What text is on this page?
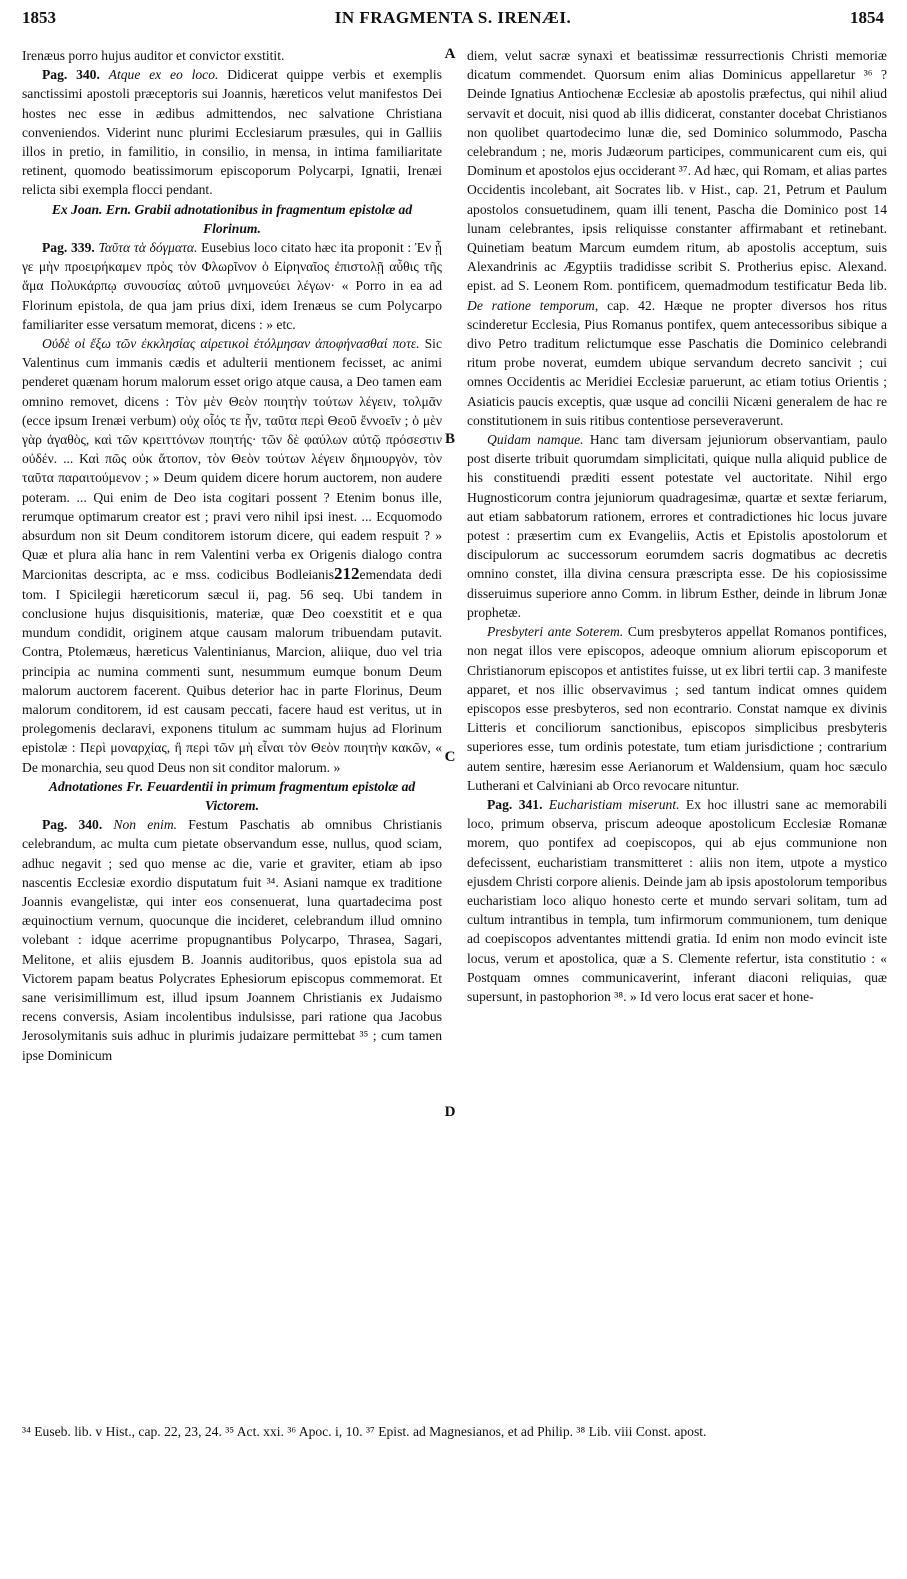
1853	IN FRAGMENTA S. IRENÆI.	1854
A
B
C
D

Irenæus porro hujus auditor et convictor exstitit.

Pag. 340. Atque ex eo loco. Didicerat quippe verbis et exemplis sanctissimi apostoli præceptoris sui Joannis, hæreticos velut manifestos Dei hostes nec esse in ædibus admittendos, nec salvatione Christiana conveniendos. Viderint nunc plurimi Ecclesiarum præsules, qui in Galliis illos in pretio, in familitio, in consilio, in mensa, in intima familiaritate retinent, quomodo beatissimorum episcoporum Polycarpi, Ignatii, Irenæi relicta sibi exempla flocci pendant.

Ex Joan. Ern. Grabii adnotationibus in fragmentum epistolæ ad Florinum.

Pag. 339. Ταῦτα τὰ δόγματα. Eusebius loco citato hæc ita proponit : Ἐν ᾗ γε μὴν προειρήκαμεν πρὸς τὸν Φλωρῖνον ὁ Εἰρηναῖος ἐπιστολῇ αὖθις τῆς ἅμα Πολυκάρπῳ συνουσίας αὐτοῦ μνημονεύει λέγων· « Porro in ea ad Florinum epistola, de qua jam prius dixi, idem Irenæus se cum Polycarpo familiariter esse versatum memorat, dicens : » etc.

Οὐδὲ οἱ ἔξω τῶν ἐκκλησίας αἱρετικοὶ ἐτόλμησαν ἀποφήνασθαί ποτε. Sic Valentinus cum immanis cædis et adulterii mentionem fecisset, ac animi penderet quænam horum malorum esset origo atque causa, a Deo tamen eam omnino removet, dicens : Τὸν μὲν Θεὸν ποιητὴν τούτων λέγειν, τολμᾶν (ecce ipsum Irenæi verbum) οὐχ οἷός τε ἦν, ταῦτα περὶ Θεοῦ ἔννοεῖν ; ὁ μὲν γὰρ ἀγαθὸς, καὶ τῶν κρειττόνων ποιητής· τῶν δὲ φαύλων αὐτῷ πρόσεστιν οὐδέν. ... Καὶ πῶς οὐκ ἄτοπον, τὸν Θεὸν τούτων λέγειν δημιουργὸν, τὸν ταῦτα παραιτούμενον ; » Deum quidem dicere horum auctorem, non audere poteram. ... Qui enim de Deo ista cogitari possent ? Etenim bonus ille, rerumque optimarum creator est ; pravi vero nihil ipsi inest. ... Ecquomodo absurdum non sit Deum conditorem istorum dicere, qui eadem respuit ? » Quæ et plura alia hanc in rem Valentini verba ex Origenis dialogo contra Marcionitas descripta, ac e mss. codicibus Bodleianis212emendata dedi tom. I Spicilegii hæreticorum sæcul ii, pag. 56 seq. Ubi tandem in conclusione hujus disquisitionis, materiæ, quæ Deo coexstitit et e qua mundum condidit, originem atque causam malorum tribuendam putavit. Contra, Ptolemæus, hæreticus Valentinianus, Marcion, aliique, duo vel tria principia ac numina commenti sunt, nesummum eumque bonum Deum malorum auctorem facerent. Quibus deterior hac in parte Florinus, Deum malorum conditorem, id est causam peccati, facere haud est veritus, ut in prolegomenis declaravi, exponens titulum ac summam hujus ad Florinum epistolæ : Περὶ μοναρχίας, ἢ περὶ τῶν μὴ εἶναι τὸν Θεὸν ποιητὴν κακῶν, « De monarchia, seu quod Deus non sit conditor malorum. »

Adnotationes Fr. Feuardentii in primum fragmentum epistolæ ad Victorem.

Pag. 340. Non enim. Festum Paschatis ab omnibus Christianis celebrandum, ac multa cum pietate observandum esse, nullus, quod sciam, adhuc negavit ; sed quo mense ac die, varie et graviter, etiam ab ipso nascentis Ecclesiæ exordio disputatum fuit ³⁴. Asiani namque ex traditione Joannis evangelistæ, qui inter eos consenuerat, luna quartadecima post æquinoctium vernum, quocunque die incideret, celebrandum illud omnino volebant : idque acerrime propugnantibus Polycarpo, Thrasea, Sagari, Melitone, et aliis ejusdem B. Joannis auditoribus, quos epistola sua ad Victorem papam beatus Polycrates Ephesiorum episcopus commemorat. Et sane verisimillimum est, illud ipsum Joannem Christianis ex Judaismo recens conversis, Asiam incolentibus indulsisse, pari ratione qua Jacobus Jerosolymitanis suis adhuc in plurimis judaizare permittebat ³⁵ ; cum tamen ipse Dominicum

diem, velut sacræ synaxi et beatissimæ ressurrectionis Christi memoriæ dicatum commendet. Quorsum enim alias Dominicus appellaretur ³⁶ ? Deinde Ignatius Antiochenæ Ecclesiæ ab apostolis præfectus, qui nihil aliud servavit et docuit, nisi quod ab illis didicerat, constanter docebat Christianos non quolibet quartodecimo lunæ die, sed Dominico solummodo, Pascha celebrandum ; ne, moris Judæorum participes, communicarent cum eis, qui Dominum et apostolos ejus occiderant ³⁷. Ad hæc, qui Romam, et alias partes Occidentis incolebant, ait Socrates lib. v Hist., cap. 21, Petrum et Paulum apostolos consuetudinem, quam illi tenent, Pascha die Dominico post 14 lunam celebrantes, ipsis reliquisse constanter affirmabant et retinebant. Quinetiam beatum Marcum eumdem ritum, ab apostolis acceptum, suis Alexandrinis ac Ægyptiis tradidisse scribit S. Protherius episc. Alexand. epist. ad S. Leonem Rom. pontificem, quemadmodum testificatur Beda lib. De ratione temporum, cap. 42. Hæque ne propter diversos hos ritus scinderetur Ecclesia, Pius Romanus pontifex, quem antecessoribus sibique a divo Petro traditum relictumque esse Paschatis die Dominico celebrandi ritum probe noverat, eumdem ubique servandum decreto sancivit ; cui omnes Occidentis ac Meridiei Ecclesiæ paruerunt, ac etiam totius Orientis ; Asiaticis paucis exceptis, quæ usque ad concilii Nicæni generalem de hac re constitutionem in suis ritibus contentiose perseveraverunt.

Quidam namque. Hanc tam diversam jejuniorum observantiam, paulo post diserte tribuit quorumdam simplicitati, quique nulla aliquid publice de his constituendi præditi essent potestate vel auctoritate. Nihil ergo Hugnosticorum contra jejuniorum quadragesimæ, quartæ et sextæ feriarum, aut etiam sabbatorum rationem, errores et contradictiones hic locus juvare potest : præsertim cum ex Evangeliis, Actis et Epistolis apostolorum et discipulorum ac successorum eorumdem sacris dogmatibus ac decretis omnino constet, illa divina censura præscripta esse. De his copiosissime disseruimus superiore anno Comm. in librum Esther, deinde in librum Jonæ prophetæ.

Presbyteri ante Soterem. Cum presbyteros appellat Romanos pontifices, non negat illos vere episcopos, adeoque omnium aliorum episcoporum et Christianorum episcopos et antistites fuisse, ut ex libri tertii cap. 3 manifeste apparet, et nos illic observavimus ; sed tantum indicat omnes quidem episcopos esse presbyteros, sed non econtrario. Constat namque ex divinis Litteris et conciliorum sanctionibus, episcopos simplicibus presbyteris superiores esse, tum ordinis potestate, tum etiam jurisdictione ; contrarium autem sentire, hæresim esse Aerianorum et Waldensium, quam hoc sæculo Lutherani et Calviniani ab Orco revocare nituntur.

Pag. 341. Eucharistiam miserunt. Ex hoc illustri sane ac memorabili loco, primum observa, priscum adeoque apostolicum Ecclesiæ Romanæ morem, quo pontifex ad coepiscopos, qui ab ejus communione non defecissent, eucharistiam transmitteret : aliis non item, utpote a mystico ejusdem Christi corpore alienis. Deinde jam ab ipsis apostolorum temporibus eucharistiam loco aliquo honesto certe et mundo servari solitam, tum ad cultum intrantibus in templa, tum infirmorum communionem, tum denique ad coepiscopos adventantes mittendi gratia. Id enim non modo evincit iste locus, verum et apostolica, quæ a S. Clemente refertur, ista constitutio : « Postquam omnes communicaverint, inferant diaconi reliquias, quæ supersunt, in pastophorion ³⁸. » Id vero locus erat sacer et hone-

³⁴ Euseb. lib. v Hist., cap. 22, 23, 24. ³⁵ Act. xxi. ³⁶ Apoc. i, 10. ³⁷ Epist. ad Magnesianos, et ad Philip. ³⁸ Lib. viii Const. apost.
